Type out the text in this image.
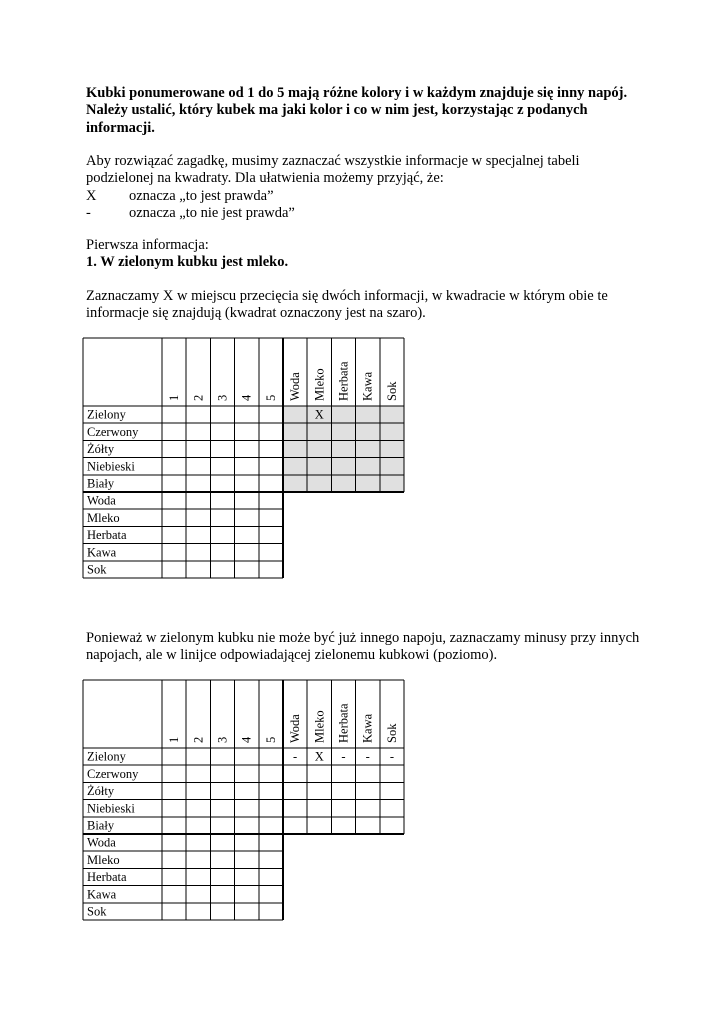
Kubki ponumerowane od 1 do 5 mają różne kolory i w każdym znajduje się inny napój. Należy ustalić, który kubek ma jaki kolor i co w nim jest, korzystając z podanych informacji.

Aby rozwiązać zagadkę, musimy zaznaczać wszystkie informacje w specjalnej tabeli podzielonej na kwadraty. Dla ułatwienia możemy przyjąć, że:
X oznacza „to jest prawda”
-	oznacza „to nie jest prawda”
Pierwsza informacja:
1. W zielonym kubku jest mleko.

Zaznaczamy X w miejscu przecięcia się dwóch informacji, w kwadracie w którym obie te informacje się znajdują (kwadrat oznaczony jest na szaro).

1 2 3 4 5 Woda Mleko Herbata Kawa Sok
Zielony
Czerwony
Żółty
Niebieski
Biały
Woda
Mleko
Herbata
Kawa
Sok
X

Ponieważ w zielonym kubku nie może być już innego napoju, zaznaczamy minusy przy innych napojach, ale w linijce odpowiadającej zielonemu kubkowi (poziomo).

1 2 3 4 5 Woda Mleko Herbata Kawa Sok
Zielony
Czerwony
Żółty
Niebieski
Biały
Woda
Mleko
Herbata
Kawa
Sok
- X - - -
